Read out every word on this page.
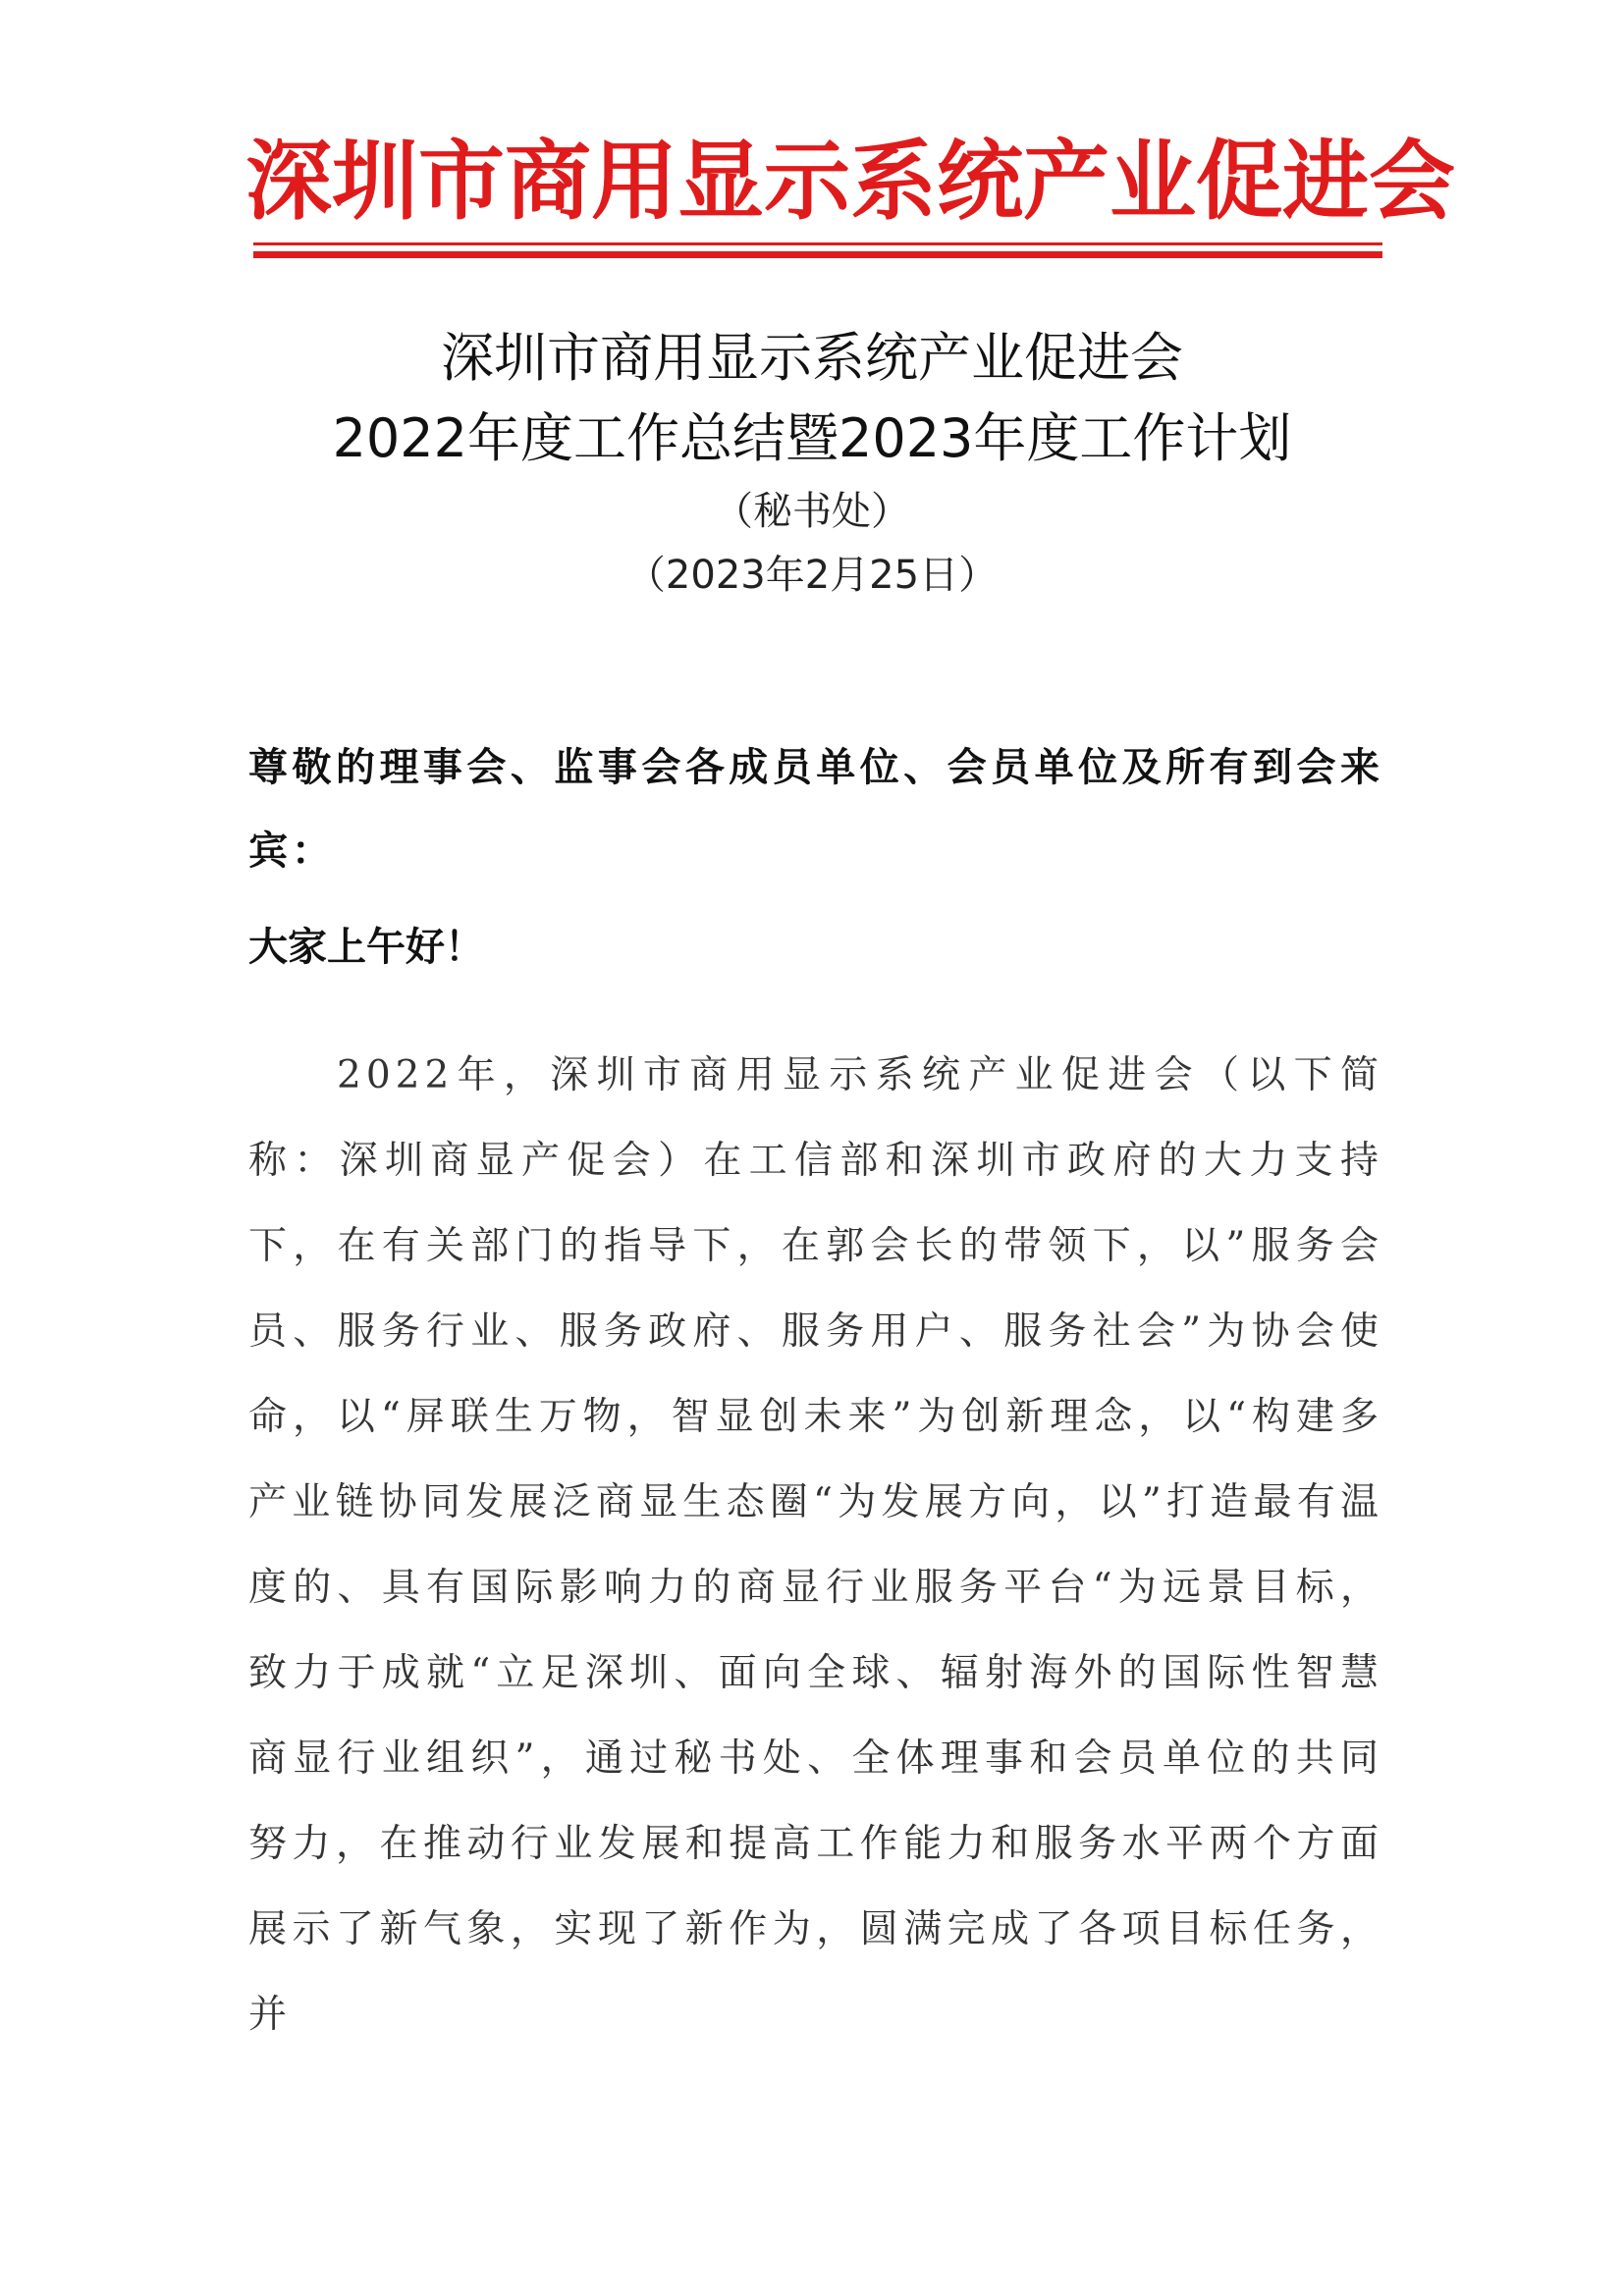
深圳市商用显示系统产业促进会
深圳市商用显示系统产业促进会
2022年度工作总结暨2023年度工作计划
（秘书处）
（2023年2月25日）
尊敬的理事会、监事会各成员单位、会员单位及所有到会来宾：
大家上午好！
2022年，深圳市商用显示系统产业促进会（以下简称：深圳商显产促会）在工信部和深圳市政府的大力支持下，在有关部门的指导下，在郭会长的带领下，以”服务会员、服务行业、服务政府、服务用户、服务社会”为协会使命，以“屏联生万物，智显创未来”为创新理念，以“构建多产业链协同发展泛商显生态圈“为发展方向，以”打造最有温度的、具有国际影响力的商显行业服务平台“为远景目标，致力于成就“立足深圳、面向全球、辐射海外的国际性智慧商显行业组织”，通过秘书处、全体理事和会员单位的共同努力，在推动行业发展和提高工作能力和服务水平两个方面展示了新气象，实现了新作为，圆满完成了各项目标任务，并
